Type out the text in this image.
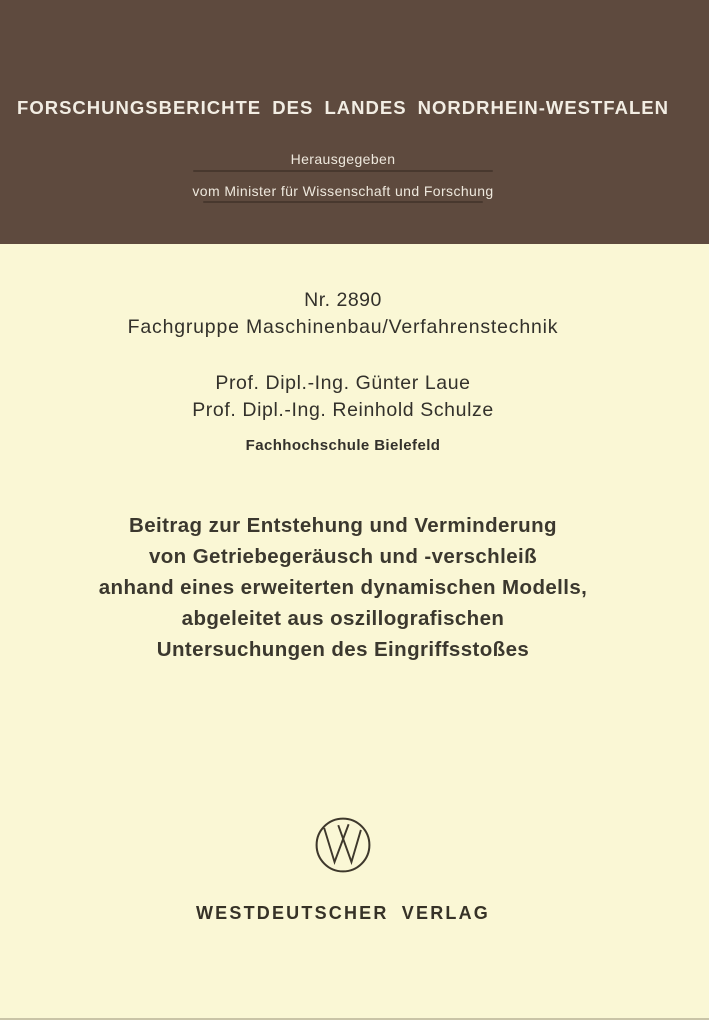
FORSCHUNGSBERICHTE DES LANDES NORDRHEIN-WESTFALEN
Herausgegeben
vom Minister für Wissenschaft und Forschung
Nr. 2890
Fachgruppe Maschinenbau/Verfahrenstechnik
Prof. Dipl.-Ing. Günter Laue
Prof. Dipl.-Ing. Reinhold Schulze
Fachhochschule Bielefeld
Beitrag zur Entstehung und Verminderung
von Getriebegeräusch und -verschleiß
anhand eines erweiterten dynamischen Modells,
abgeleitet aus oszillografischen
Untersuchungen des Eingriffsstoßes
WESTDEUTSCHER VERLAG
